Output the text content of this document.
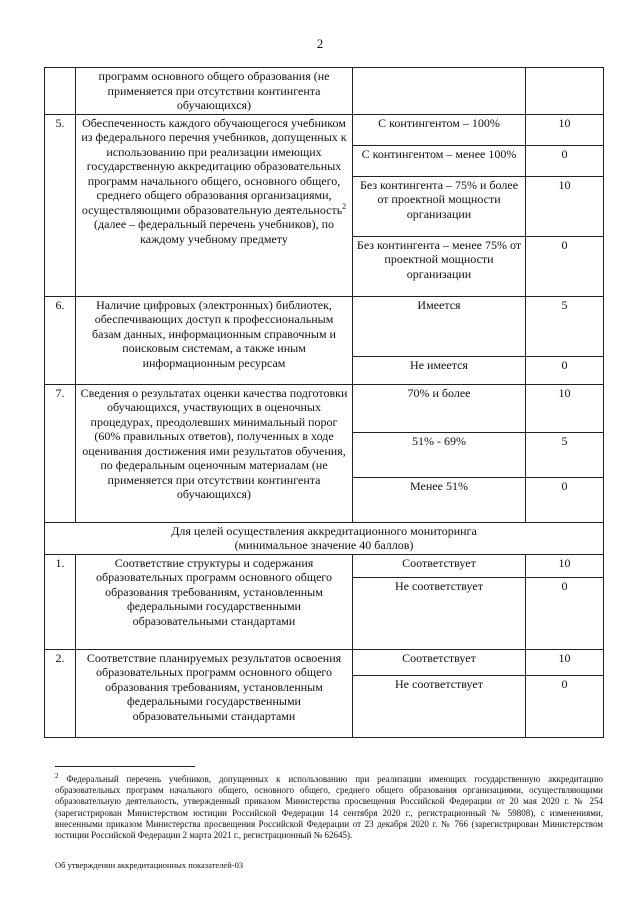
2
	программ основного общего образования (не применяется при отсутствии контингента обучающихся)		
5.	Обеспеченность каждого обучающегося учебником из федерального перечня учебников, допущенных к использованию при реализации имеющих государственную аккредитацию образовательных программ начального общего, основного общего, среднего общего образования организациями, осуществляющими образовательную деятельность$^2$ (далее – федеральный перечень учебников), по каждому учебному предмету	С контингентом – 100%	10
		С контингентом – менее 100%	0
		Без контингента – 75% и более от проектной мощности организации	10
		Без контингента – менее 75% от проектной мощности организации	0
6.	Наличие цифровых (электронных) библиотек, обеспечивающих доступ к профессиональным базам данных, информационным справочным и поисковым системам, а также иным информационным ресурсам	Имеется	5
		Не имеется	0
7.	Сведения о результатах оценки качества подготовки обучающихся, участвующих в оценочных процедурах, преодолевших минимальный порог (60% правильных ответов), полученных в ходе оценивания достижения ими результатов обучения, по федеральным оценочным материалам (не применяется при отсутствии контингента обучающихся)	70% и более	10
		51% - 69%	5
		Менее 51%	0

Для целей осуществления аккредитационного мониторинга
(минимальное значение 40 баллов)			

1.	Соответствие структуры и содержания образовательных программ основного общего образования требованиям, установленным федеральными государственными образовательными стандартами	Соответствует	10
		Не соответствует	0
2.	Соответствие планируемых результатов освоения образовательных программ основного общего образования требованиям, установленным федеральными государственными образовательными стандартами	Соответствует	10
		Не соответствует	0
$^2$ Федеральный перечень учебников, допущенных к использованию при реализации имеющих государственную аккредитацию образовательных программ начального общего, основного общего, среднего общего образования организациями, осуществляющими образовательную деятельность, утвержденный приказом Министерства просвещения Российской Федерации от 20 мая 2020 г. № 254 (зарегистрирован Министерством юстиции Российской Федерации 14 сентября 2020 г., регистрационный № 59808), с изменениями, внесенными приказом Министерства просвещения Российской Федерации от 23 декабря 2020 г. № 766 (зарегистрирован Министерством юстиции Российской Федерации 2 марта 2021 г., регистрационный № 62645).
Об утверждении аккредитационных показателей-03
